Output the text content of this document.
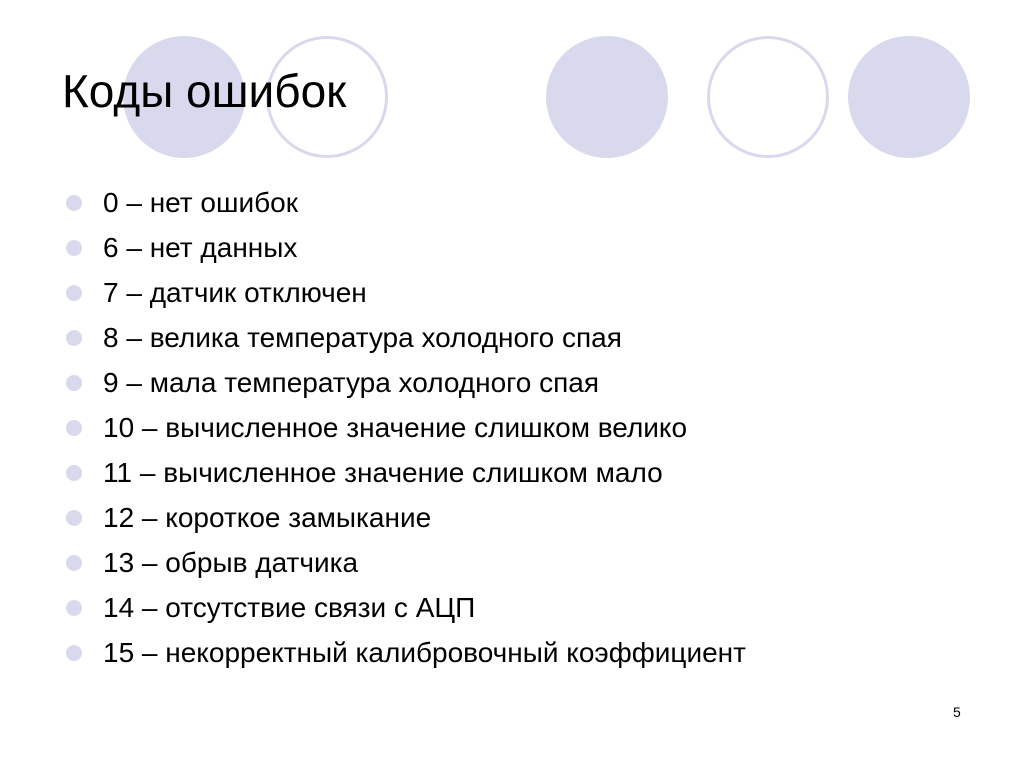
Коды ошибок
0 – нет ошибок
6 – нет данных
7 – датчик отключен
8 – велика температура холодного спая
9 – мала температура холодного спая
10 – вычисленное значение слишком велико
11 – вычисленное значение слишком мало
12 – короткое замыкание
13 – обрыв датчика
14 – отсутствие связи с АЦП
15 – некорректный калибровочный коэффициент
5
